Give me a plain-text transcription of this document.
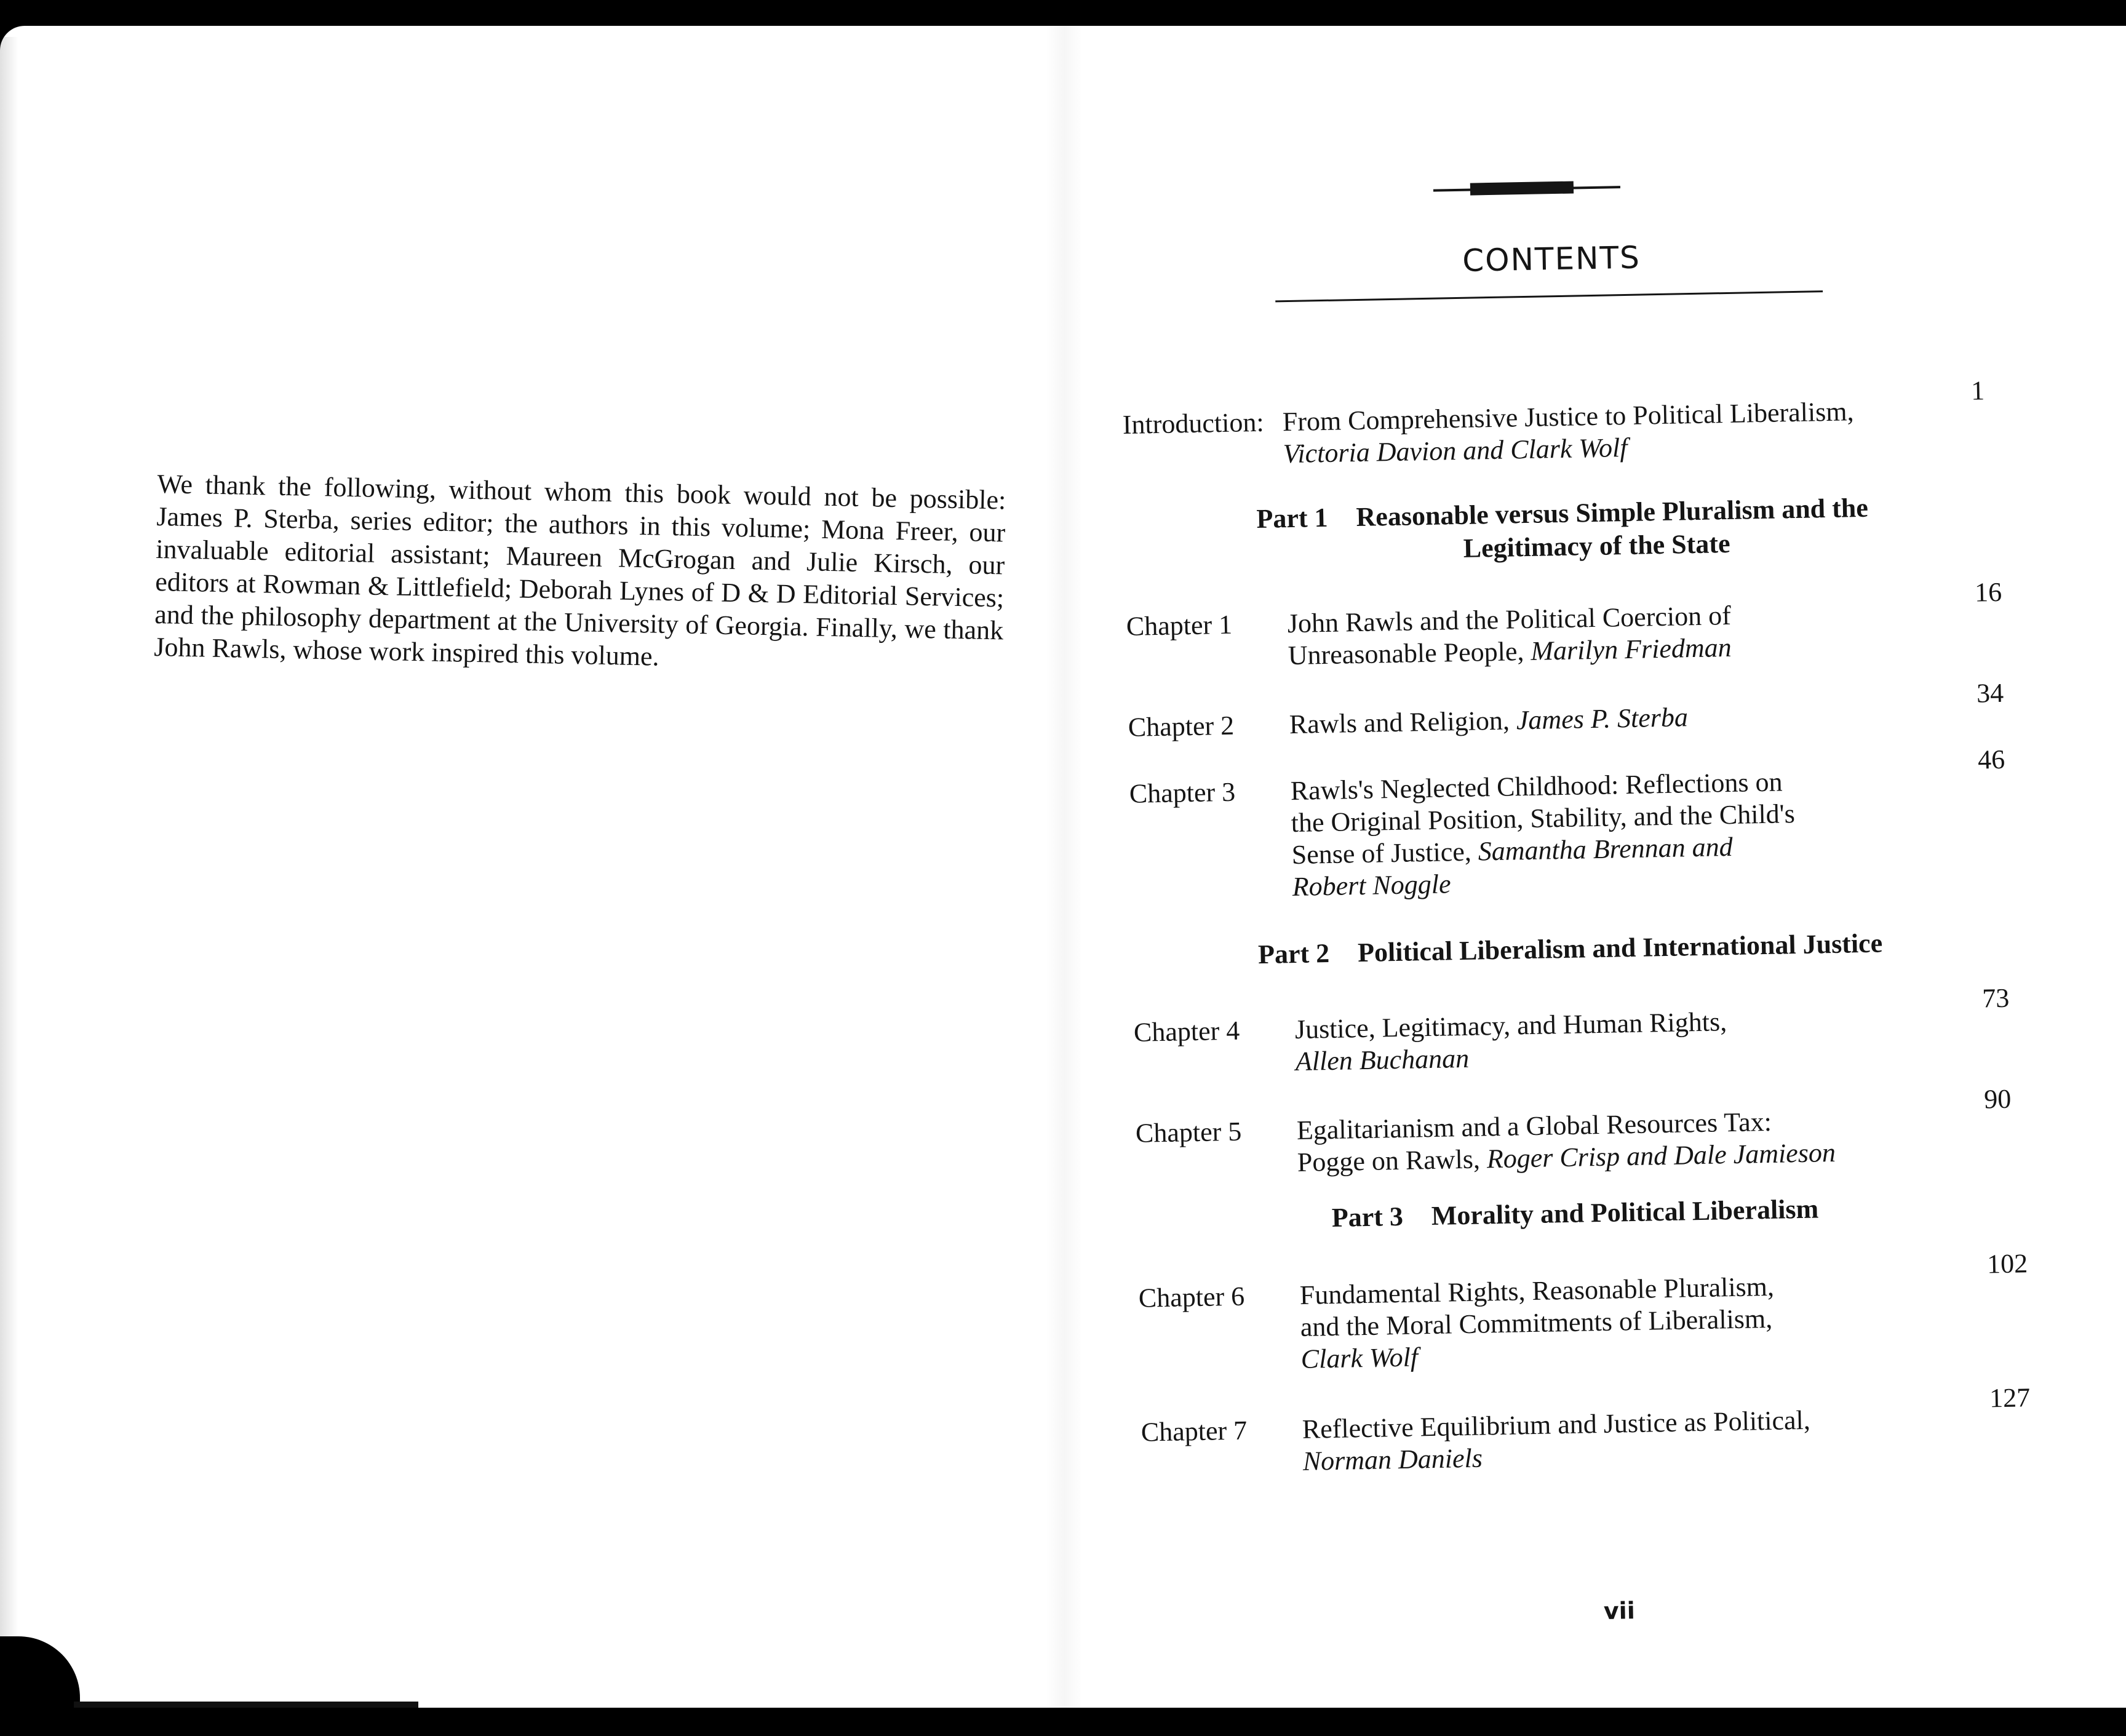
We thank the following, without whom this book would not be possible: James P. Sterba, series editor; the authors in this volume; Mona Freer, our invaluable editorial assistant; Maureen McGrogan and Julie Kirsch, our editors at Rowman & Littlefield; Deborah Lynes of D & D Editorial Services; and the philosophy department at the University of Georgia. Finally, we thank John Rawls, whose work inspired this volume.
CONTENTS
Introduction: From Comprehensive Justice to Political Liberalism,
Victoria Davion and Clark Wolf
1
Part 1 Reasonable versus Simple Pluralism and the
Legitimacy of the State
Chapter 1 John Rawls and the Political Coercion of
Unreasonable People, Marilyn Friedman
16
Chapter 2 Rawls and Religion, James P. Sterba
34
Chapter 3 Rawls's Neglected Childhood: Reflections on
the Original Position, Stability, and the Child's
Sense of Justice, Samantha Brennan and
Robert Noggle
46
Part 2 Political Liberalism and International Justice
Chapter 4 Justice, Legitimacy, and Human Rights,
Allen Buchanan
73
Chapter 5 Egalitarianism and a Global Resources Tax:
Pogge on Rawls, Roger Crisp and Dale Jamieson
90
Part 3 Morality and Political Liberalism
Chapter 6 Fundamental Rights, Reasonable Pluralism,
and the Moral Commitments of Liberalism,
Clark Wolf
102
Chapter 7 Reflective Equilibrium and Justice as Political,
Norman Daniels
127
vii
